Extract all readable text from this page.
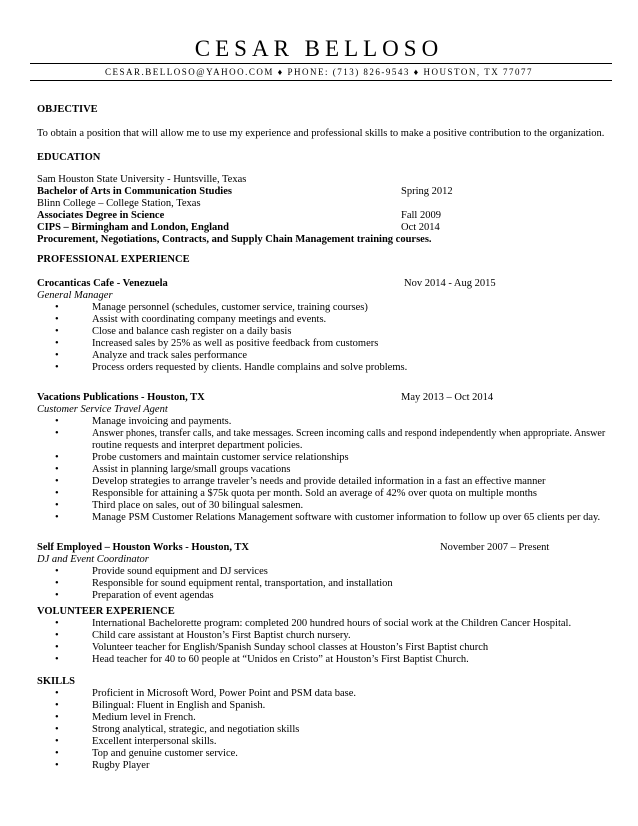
CESAR BELLOSO
CESAR.BELLOSO@YAHOO.COM ♦ PHONE: (713) 826-9543 ♦ HOUSTON, TX 77077
OBJECTIVE
To obtain a position that will allow me to use my experience and professional skills to make a positive contribution to the organization.
EDUCATION
Sam Houston State University - Huntsville, Texas
Bachelor of Arts in Communication Studies	Spring 2012
Blinn College – College Station, Texas
Associates Degree in Science	Fall 2009
CIPS – Birmingham and London, England	Oct 2014
Procurement, Negotiations, Contracts, and Supply Chain Management training courses.
PROFESSIONAL EXPERIENCE
Crocanticas Cafe - Venezuela	Nov 2014 - Aug 2015
General Manager
•	Manage personnel (schedules, customer service, training courses)
•	Assist with coordinating company meetings and events.
•	Close and balance cash register on a daily basis
•	Increased sales by 25% as well as positive feedback from customers
•	Analyze and track sales performance
•	Process orders requested by clients. Handle complains and solve problems.
Vacations Publications - Houston, TX	May 2013 – Oct 2014
Customer Service Travel Agent
•	Manage invoicing and payments.
•	Answer phones, transfer calls, and take messages. Screen incoming calls and respond independently when appropriate. Answer
routine requests and interpret department policies.
•	Probe customers and maintain customer service relationships
•	Assist in planning large/small groups vacations
•	Develop strategies to arrange traveler’s needs and provide detailed information in a fast an effective manner
•	Responsible for attaining a $75k quota per month. Sold an average of 42% over quota on multiple months
•	Third place on sales, out of 30 bilingual salesmen.
•	Manage PSM Customer Relations Management software with customer information to follow up over 65 clients per day.
Self Employed – Houston Works - Houston, TX	November 2007 – Present
DJ and Event Coordinator
•	Provide sound equipment and DJ services
•	Responsible for sound equipment rental, transportation, and installation
•	Preparation of event agendas
VOLUNTEER EXPERIENCE
•	International Bachelorette program: completed 200 hundred hours of social work at the Children Cancer Hospital.
•	Child care assistant at Houston’s First Baptist church nursery.
•	Volunteer teacher for English/Spanish Sunday school classes at Houston’s First Baptist church
•	Head teacher for 40 to 60 people at “Unidos en Cristo” at Houston’s First Baptist Church.
SKILLS
•	Proficient in Microsoft Word, Power Point and PSM data base.
•	Bilingual: Fluent in English and Spanish.
•	Medium level in French.
•	Strong analytical, strategic, and negotiation skills
•	Excellent interpersonal skills.
•	Top and genuine customer service.
•	Rugby Player
